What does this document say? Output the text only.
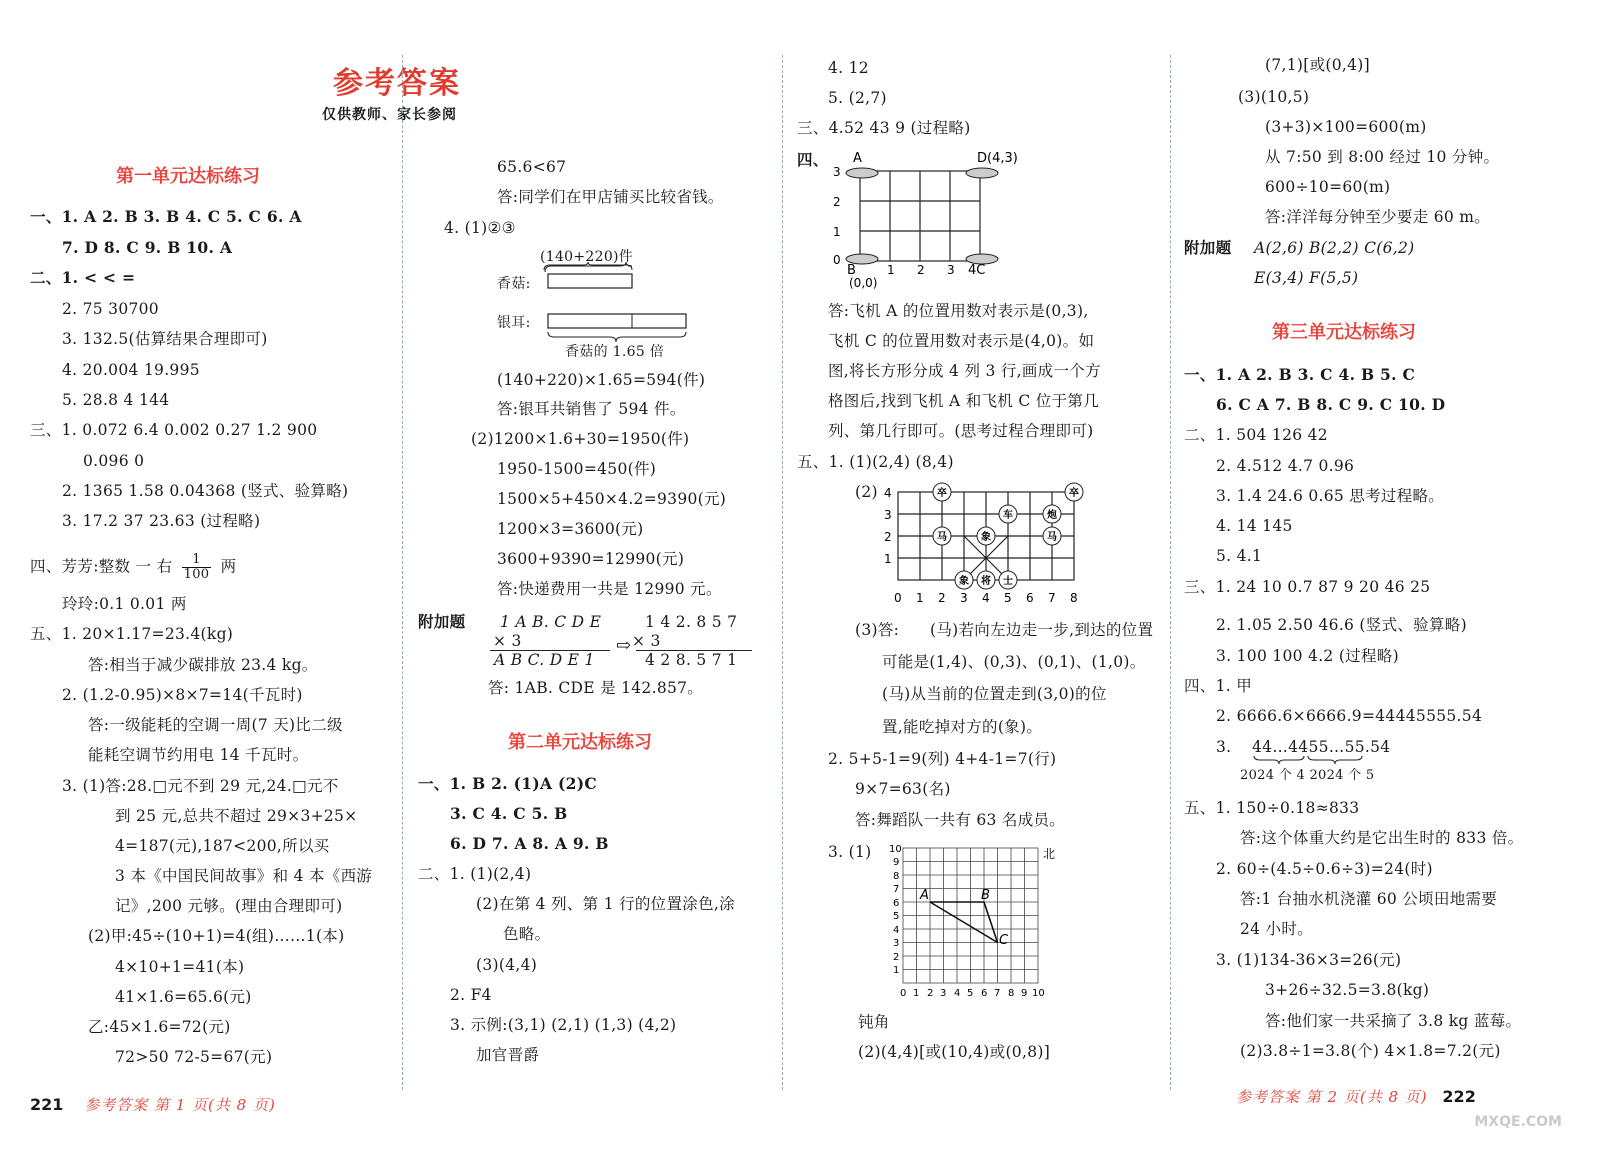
参考答案
仅供教师、家长参阅
第一单元达标练习
一、1. A 2. B 3. B 4. C 5. C 6. A
7. D 8. C 9. B 10. A
二、1. < < =
2. 75 30700
3. 132.5(估算结果合理即可)
4. 20.004 19.995
5. 28.8 4 144
三、1. 0.072 6.4 0.002 0.27 1.2 900
0.096 0
2. 1365 1.58 0.04368 (竖式、验算略)
3. 17.2 37 23.63 (过程略)
四、芳芳:整数 一 右 $\frac{1}{100}$ 两
玲玲:0.1 0.01 两
五、1. 20×1.17=23.4(kg)
答:相当于减少碳排放 23.4 kg。
2. (1.2-0.95)×8×7=14(千瓦时)
答:一级能耗的空调一周(7 天)比二级
能耗空调节约用电 14 千瓦时。
3. (1)答:28.□元不到 29 元,24.□元不
到 25 元,总共不超过 29×3+25×
4=187(元),187<200,所以买
3 本《中国民间故事》和 4 本《西游
记》,200 元够。(理由合理即可)
(2)甲:45÷(10+1)=4(组)……1(本)
4×10+1=41(本)
41×1.6=65.6(元)
乙:45×1.6=72(元)
72>50 72-5=67(元)
65.6<67
答:同学们在甲店铺买比较省钱。
4. (1)②③
(140+220)件
香菇:
银耳:
香菇的 1.65 倍
(140+220)×1.65=594(件)
答:银耳共销售了 594 件。
(2)1200×1.6+30=1950(件)
1950-1500=450(件)
1500×5+450×4.2=9390(元)
1200×3=3600(元)
3600+9390=12990(元)
答:快递费用一共是 12990 元。
附加题 1 A B. C D E
× 3
A B C. D E 1
⇨
1 4 2. 8 5 7
× 3
4 2 8. 5 7 1
答: 1AB. CDE 是 142.857。
第二单元达标练习
一、1. B 2. (1)A (2)C
3. C 4. C 5. B
6. D 7. A 8. A 9. B
二、1. (1)(2,4)
(2)在第 4 列、第 1 行的位置涂色,涂
色略。
(3)(4,4)
2. F4
3. 示例:(3,1) (2,1) (1,3) (4,2)
加官晋爵
4. 12
5. (2,7)
三、4.52 43 9 (过程略)
四、 A	D(4,3)
B
(0,0)
4C
3
2
1
0
1 2 3
答:飞机 A 的位置用数对表示是(0,3),
飞机 C 的位置用数对表示是(4,0)。如
图,将长方形分成 4 列 3 行,画成一个方
格图后,找到飞机 A 和飞机 C 位于第几
列、第几行即可。(思考过程合理即可)
五、1. (1)(2,4) (8,4)
(2) 4
3
2
1
0 1 2 3 4 5 6 7 8
卒	卒
马	象	马
车	炮
象 将 士
(3)答: (马)若向左边走一步,到达的位置
可能是(1,4)、(0,3)、(0,1)、(1,0)。
(马)从当前的位置走到(3,0)的位
置,能吃掉对方的(象)。
2. 5+5-1=9(列) 4+4-1=7(行)
9×7=63(名)
答:舞蹈队一共有 63 名成员。
3. (1)
A	B
C
北
10
9
8
7
6
5
4
3
2
1
0 1 2 3 4 5 6 7 8 9 10
钝角
(2)(4,4)[或(10,4)或(0,8)]
(7,1)[或(0,4)]
(3)(10,5)
(3+3)×100=600(m)
从 7:50 到 8:00 经过 10 分钟。
600÷10=60(m)
答:洋洋每分钟至少要走 60 m。
附加题 A(2,6) B(2,2) C(6,2)
E(3,4) F(5,5)
第三单元达标练习
一、1. A 2. B 3. C 4. B 5. C
6. C A 7. B 8. C 9. C 10. D
二、1. 504 126 42
2. 4.512 4.7 0.96
3. 1.4 24.6 0.65 思考过程略。
4. 14 145
5. 4.1
三、1. 24 10 0.7 87 9 20 46 25
2. 1.05 2.50 46.6 (竖式、验算略)
3. 100 100 4.2 (过程略)
四、1. 甲
2. 6666.6×6666.9=44445555.54
3. 44…4455…55.54
2024 个 4 2024 个 5
五、1. 150÷0.18≈833
答:这个体重大约是它出生时的 833 倍。
2. 60÷(4.5÷0.6÷3)=24(时)
答:1 台抽水机浇灌 60 公顷田地需要
24 小时。
3. (1)134-36×3=26(元)
3+26÷32.5=3.8(kg)
答:他们家一共采摘了 3.8 kg 蓝莓。
(2)3.8÷1=3.8(个) 4×1.8=7.2(元)
221 参考答案 第 1 页(共 8 页)	参考答案 第 2 页(共 8 页) 222
MXQE.COM
